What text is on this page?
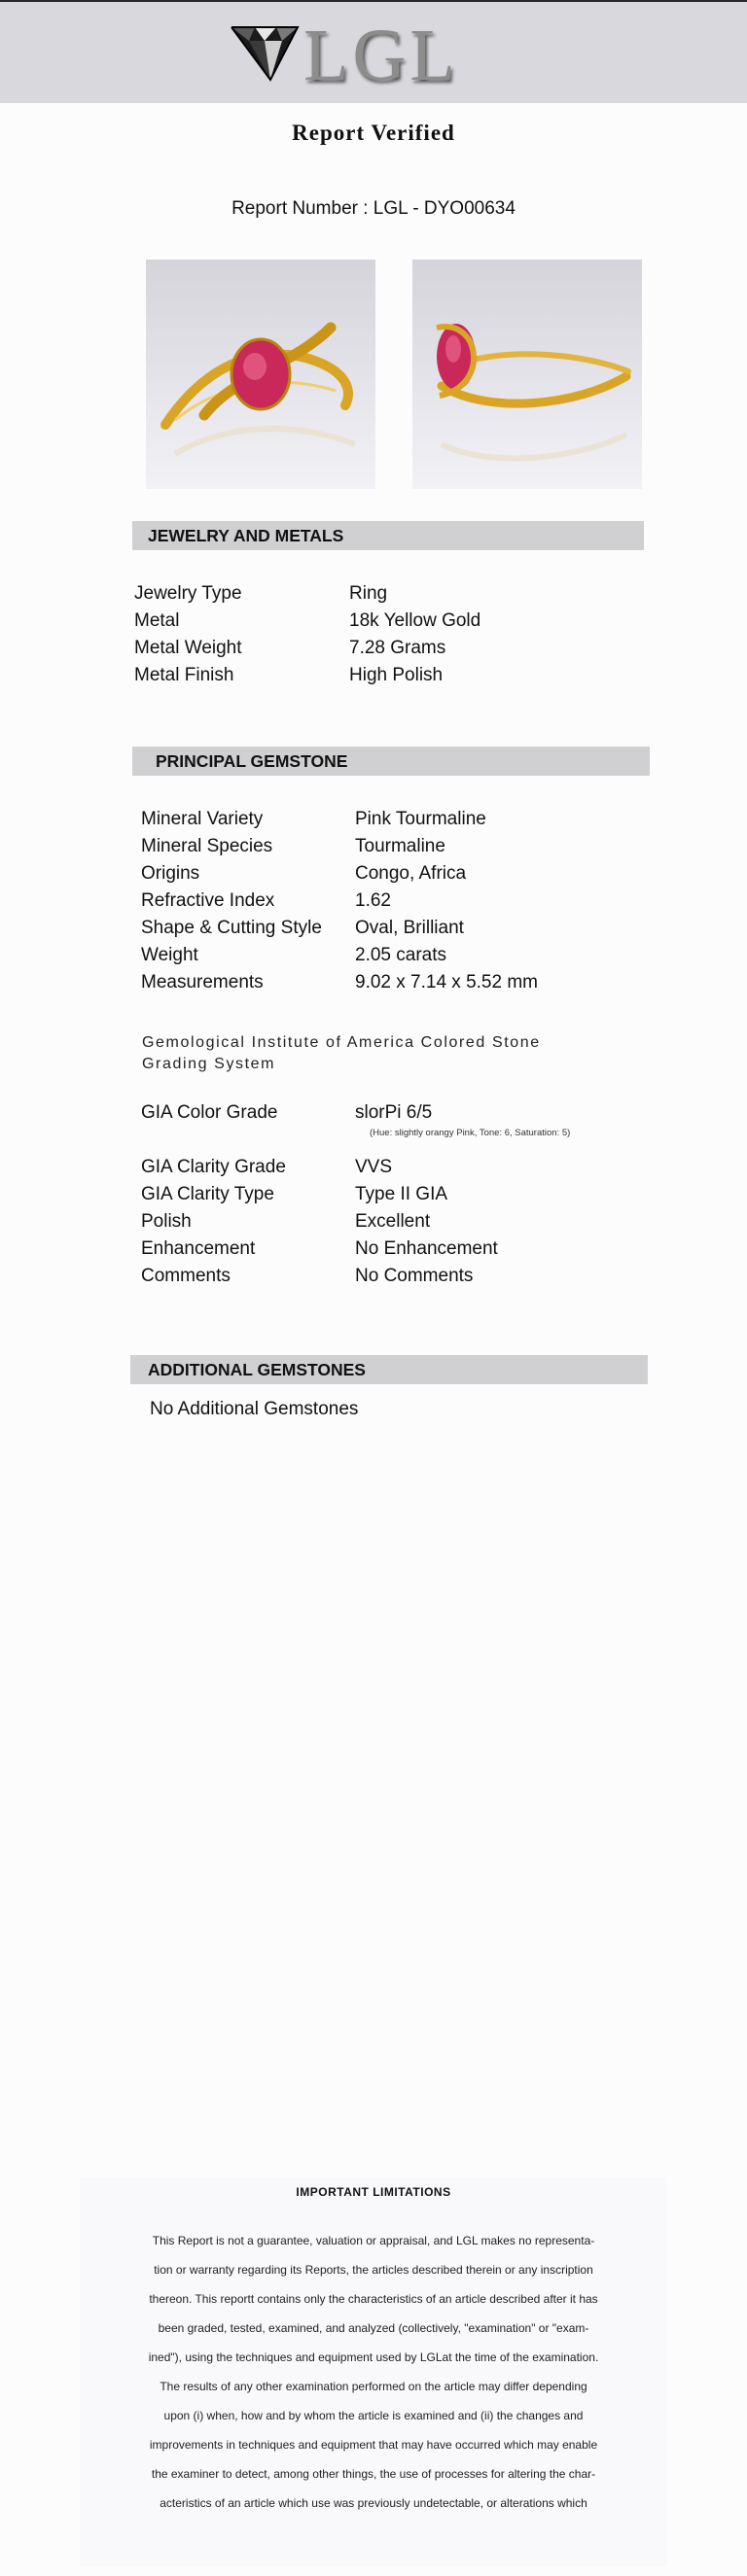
LGL
Report Verified
Report Number : LGL - DYO00634
JEWELRY AND METALS
Jewelry Type	Ring
Metal	18k Yellow Gold
Metal Weight	7.28 Grams
Metal Finish	High Polish
PRINCIPAL GEMSTONE
Mineral Variety	Pink Tourmaline
Mineral Species	Tourmaline
Origins	Congo, Africa
Refractive Index	1.62
Shape & Cutting Style	Oval, Brilliant
Weight	2.05 carats
Measurements	9.02 x 7.14 x 5.52 mm
Gemological Institute of America Colored Stone Grading System
GIA Color Grade	slorPi 6/5
(Hue: slightly orangy Pink, Tone: 6, Saturation: 5)
GIA Clarity Grade	VVS
GIA Clarity Type	Type II GIA
Polish	Excellent
Enhancement	No Enhancement
Comments	No Comments
ADDITIONAL GEMSTONES
No Additional Gemstones
IMPORTANT LIMITATIONS
This Report is not a guarantee, valuation or appraisal, and LGL makes no representa-
tion or warranty regarding its Reports, the articles described therein or any inscription
thereon. This reportt contains only the characteristics of an article described after it has
been graded, tested, examined, and analyzed (collectively, "examination" or "exam-
ined"), using the techniques and equipment used by LGLat the time of the examination.
The results of any other examination performed on the article may differ depending
upon (i) when, how and by whom the article is examined and (ii) the changes and
improvements in techniques and equipment that may have occurred which may enable
the examiner to detect, among other things, the use of processes for altering the char-
acteristics of an article which use was previously undetectable, or alterations which
